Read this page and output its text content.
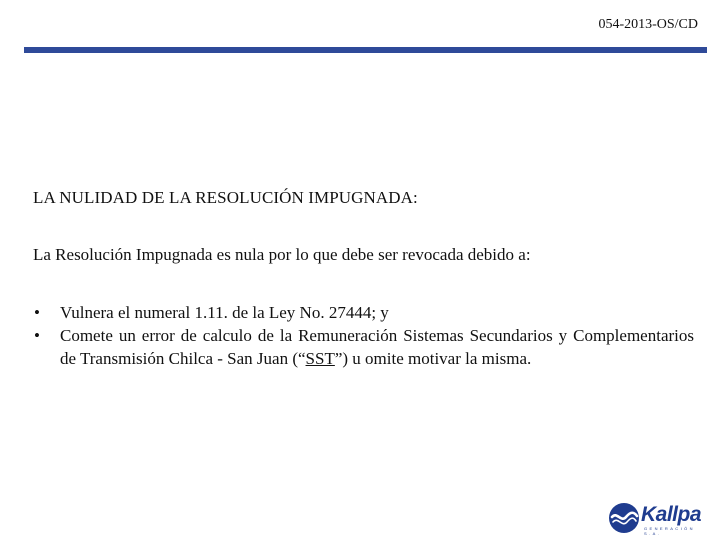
054-2013-OS/CD
LA NULIDAD DE LA RESOLUCIÓN IMPUGNADA:
La Resolución Impugnada es nula por lo que debe ser revocada debido a:
• Vulnera el numeral 1.11. de la Ley No. 27444; y
• Comete un error de calculo de la Remuneración Sistemas Secundarios y Complementarios de Transmisión Chilca - San Juan (“SST”) u omite motivar la misma.
Kallpa
GENERACIÓN S.A.
